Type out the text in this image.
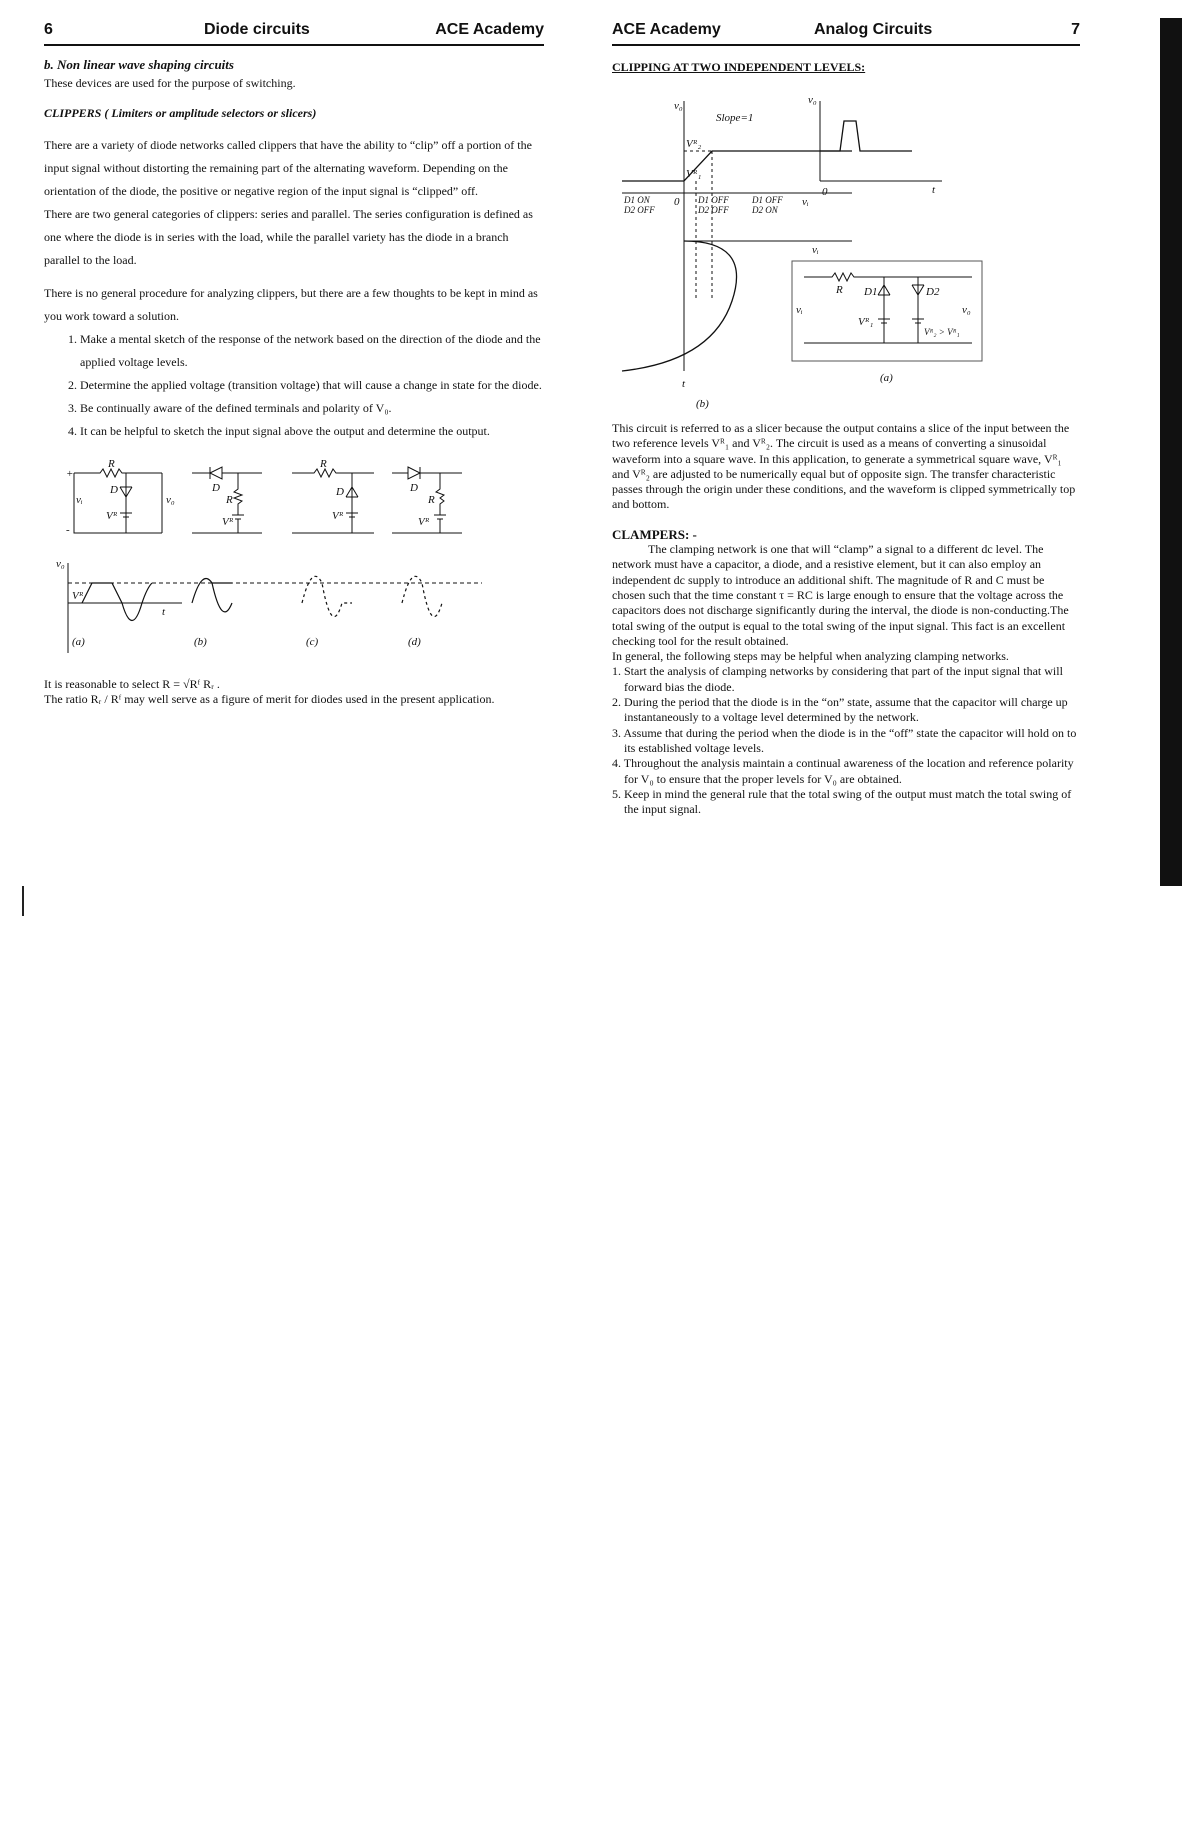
6	Diode circuits	ACE Academy

b. Non linear wave shaping circuits

These devices are used for the purpose of switching.

CLIPPERS ( Limiters or amplitude selectors or slicers)

There are a variety of diode networks called clippers that have the ability to “clip” off a portion of the input signal without distorting the remaining part of the alternating waveform. Depending on the orientation of the diode, the positive or negative region of the input signal is “clipped” off.

There are two general categories of clippers: series and parallel. The series configuration is defined as one where the diode is in series with the load, while the parallel variety has the diode in a branch parallel to the load.

There is no general procedure for analyzing clippers, but there are a few thoughts to be kept in mind as you work toward a solution.

1. Make a mental sketch of the response of the network based on the direction of the diode and the applied voltage levels.
2. Determine the applied voltage (transition voltage) that will cause a change in state for the diode.
3. Be continually aware of the defined terminals and polarity of V₀.
4. It can be helpful to sketch the input signal above the output and determine the output.
+
R
D
Vᴿ
vᵢ	v₀
-
D
R
Vᴿ
R
D
Vᴿ
D
R
Vᴿ
v₀
Vᴿ
t
(a)	(b)	(c)	(d)

It is reasonable to select R = √Rᶠ Rᵣ .

The ratio Rᵣ / Rᶠ may well serve as a figure of merit for diodes used in the present application.

ACE Academy	Analog Circuits	7

CLIPPING AT TWO INDEPENDENT LEVELS:

v₀
Slope=1
Vᴿ₂
Vᴿ₁
D1 ON
D2 OFF
D1 OFF
D2 OFF
D1 OFF
D2 ON
0	vᵢ
vᵢ
t
(b)
v₀
0	t
R D1	D2
Vᴿ₁
Vᴿ₂ > Vᴿ₁
vᵢ	v₀
(a)

This circuit is referred to as a slicer because the output contains a slice of the input between the two reference levels Vᴿ₁ and Vᴿ₂. The circuit is used as a means of converting a sinusoidal waveform into a square wave. In this application, to generate a symmetrical square wave, Vᴿ₁ and Vᴿ₂ are adjusted to be numerically equal but of opposite sign. The transfer characteristic passes through the origin under these conditions, and the waveform is clipped symmetrically top and bottom.

CLAMPERS: -

The clamping network is one that will “clamp” a signal to a different dc level. The network must have a capacitor, a diode, and a resistive element, but it can also employ an independent dc supply to introduce an additional shift. The magnitude of R and C must be chosen such that the time constant τ = RC is large enough to ensure that the voltage across the capacitors does not discharge significantly during the interval, the diode is non-conducting.The total swing of the output is equal to the total swing of the input signal. This fact is an excellent checking tool for the result obtained.

In general, the following steps may be helpful when analyzing clamping networks.

1. Start the analysis of clamping networks by considering that part of the input signal that will forward bias the diode.
2. During the period that the diode is in the “on” state, assume that the capacitor will charge up instantaneously to a voltage level determined by the network.
3. Assume that during the period when the diode is in the “off” state the capacitor will hold on to its established voltage levels.
4. Throughout the analysis maintain a continual awareness of the location and reference polarity for V₀ to ensure that the proper levels for V₀ are obtained.
5. Keep in mind the general rule that the total swing of the output must match the total swing of the input signal.
